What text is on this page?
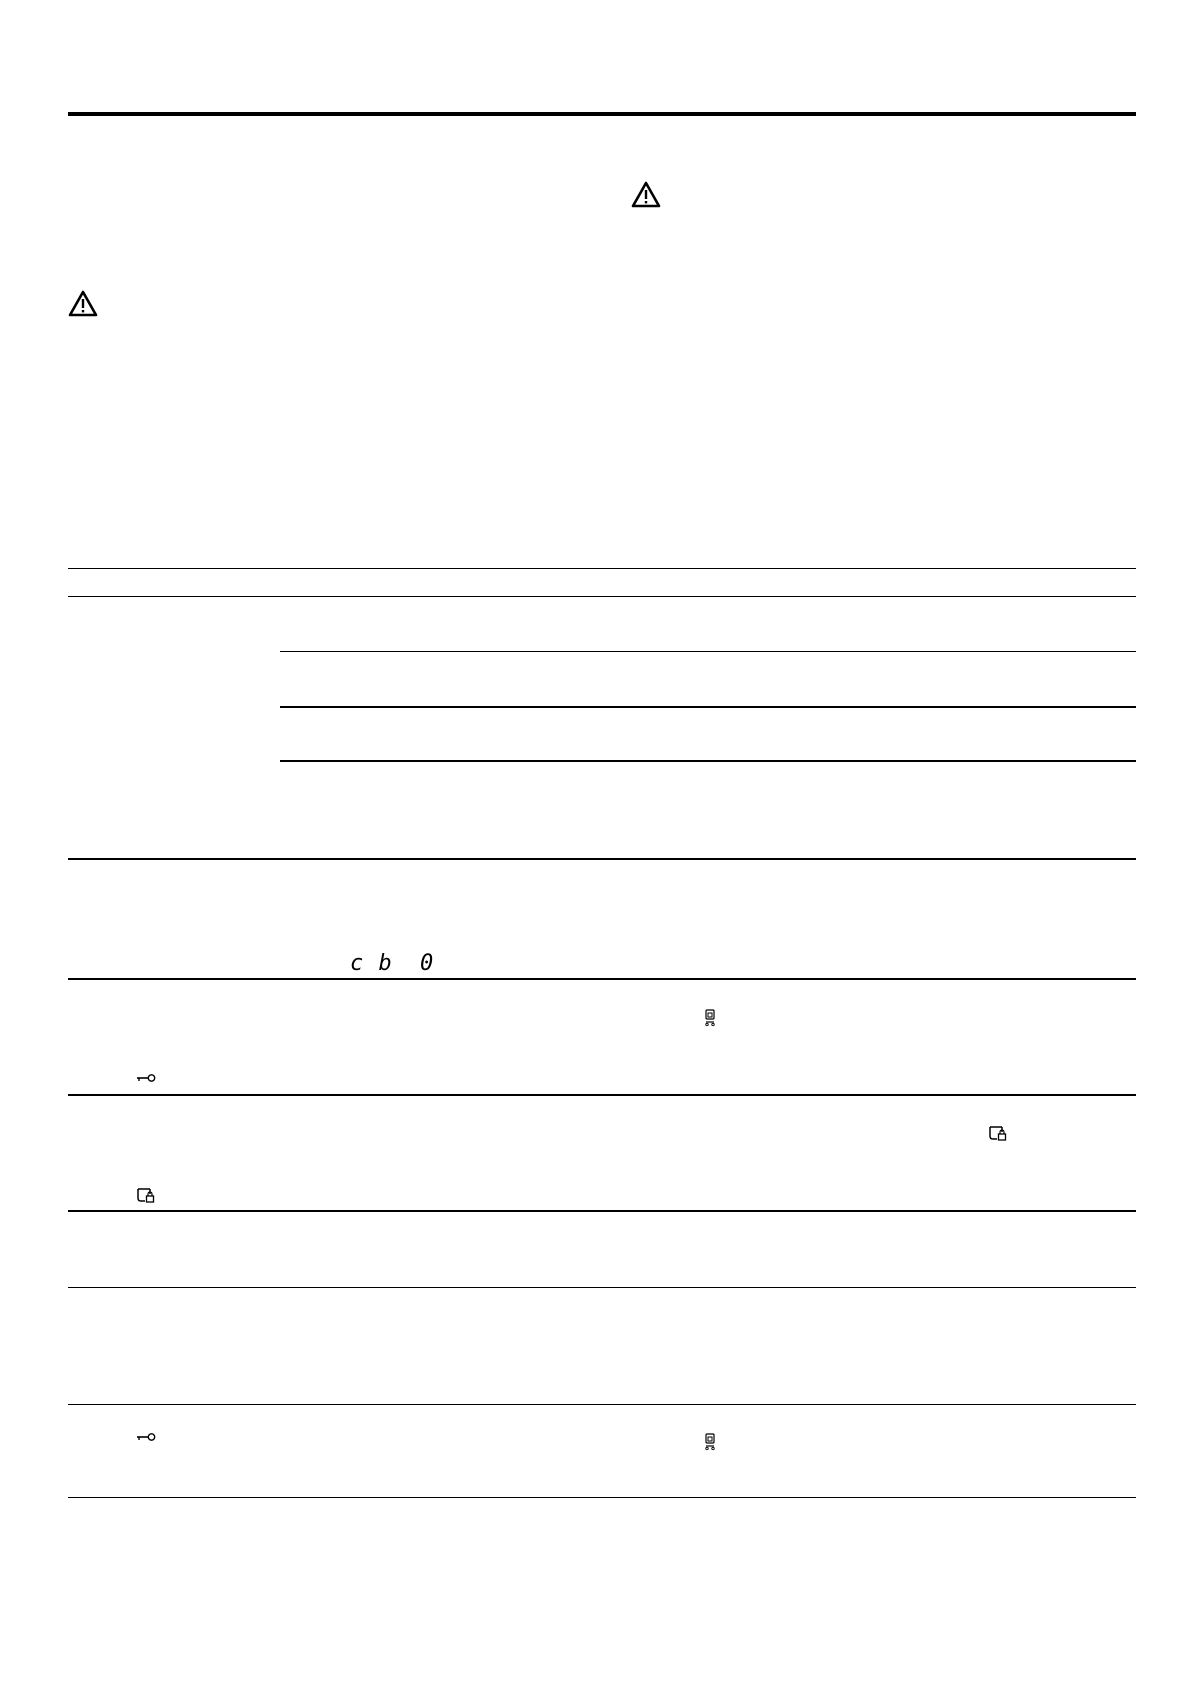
c b 0
